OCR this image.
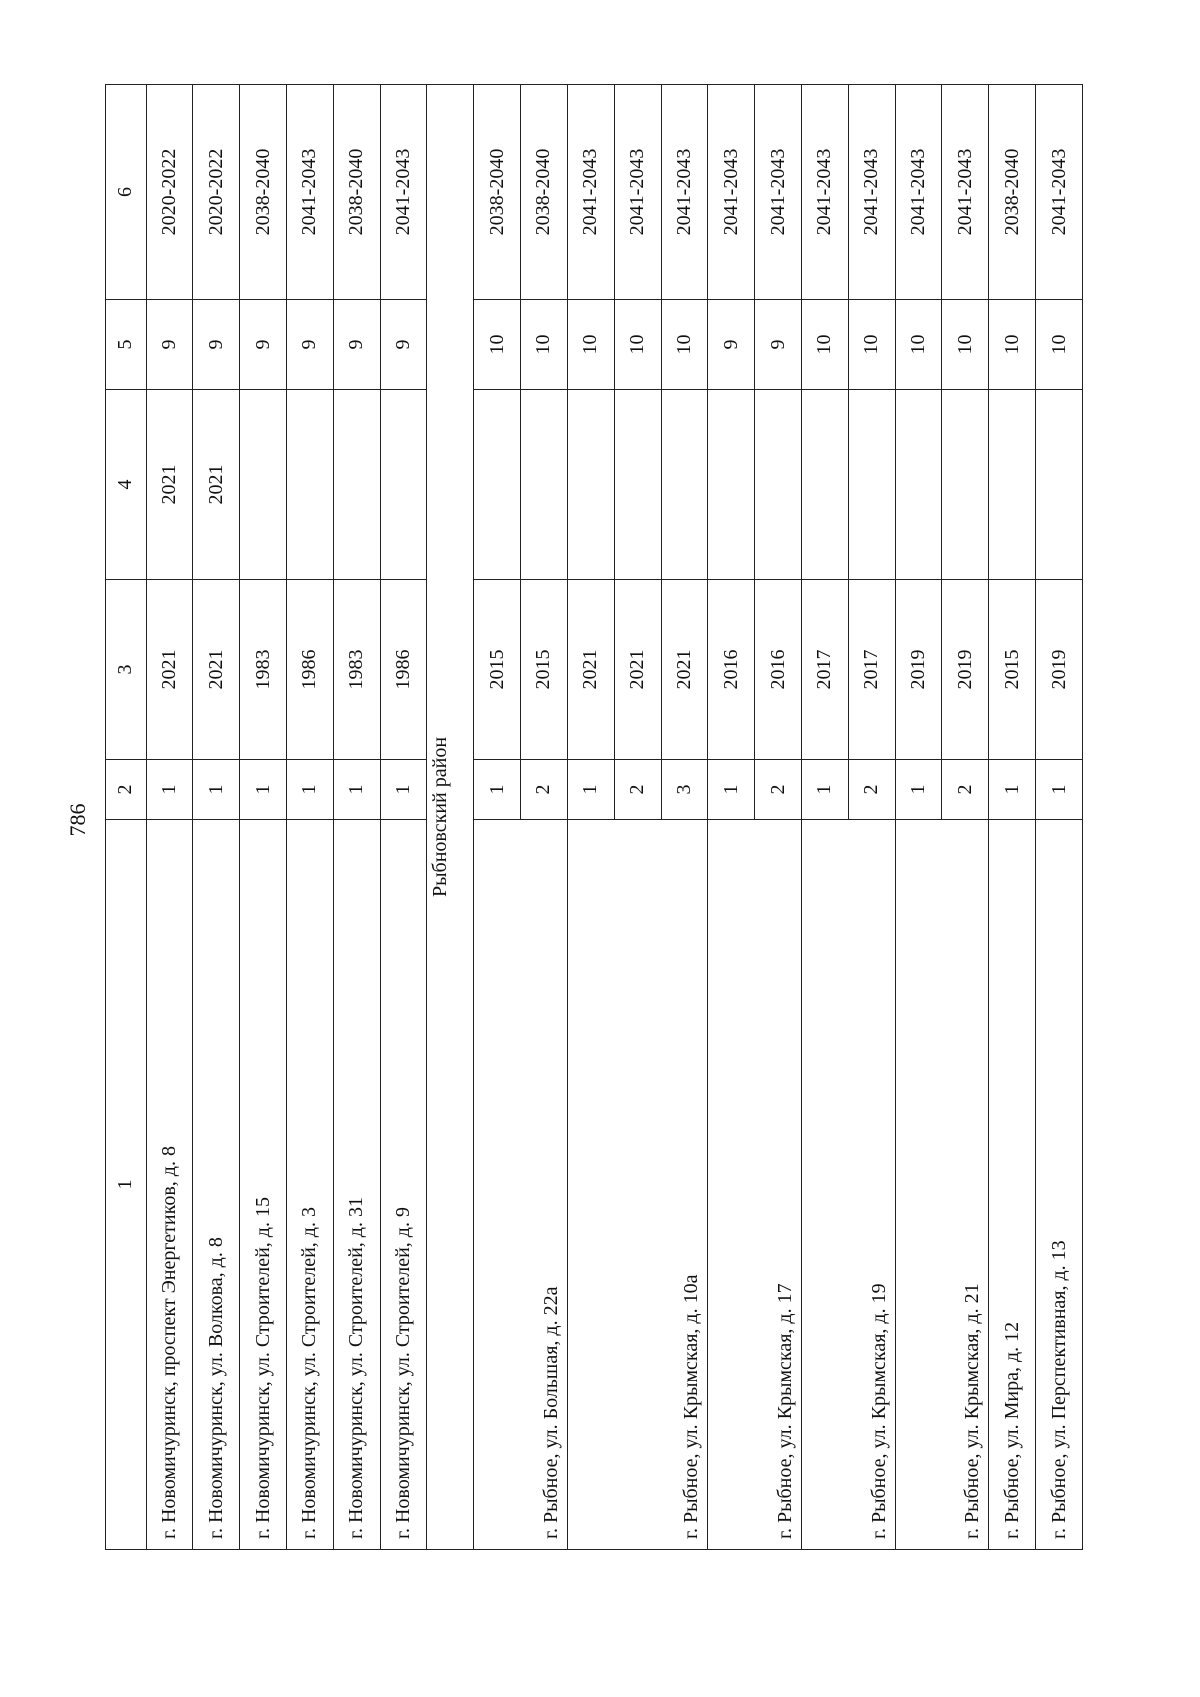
786
1	2	3	4	5	6
г. Новомичуринск, проспект Энергетиков, д. 8	1	2021	2021	9	2020-2022
г. Новомичуринск, ул. Волкова, д. 8	1	2021	2021	9	2020-2022
г. Новомичуринск, ул. Строителей, д. 15	1	1983		9	2038-2040
г. Новомичуринск, ул. Строителей, д. 3	1	1986		9	2041-2043
г. Новомичуринск, ул. Строителей, д. 31	1	1983		9	2038-2040
г. Новомичуринск, ул. Строителей, д. 9	1	1986		9	2041-2043
Рыбновский район					
г. Рыбное, ул. Большая, д. 22а	1	2015		10	2038-2040
	2	2015		10	2038-2040
г. Рыбное, ул. Крымская, д. 10а	1	2021		10	2041-2043
	2	2021		10	2041-2043
	3	2021		10	2041-2043
г. Рыбное, ул. Крымская, д. 17	1	2016		9	2041-2043
	2	2016		9	2041-2043
г. Рыбное, ул. Крымская, д. 19	1	2017		10	2041-2043
	2	2017		10	2041-2043
г. Рыбное, ул. Крымская, д. 21	1	2019		10	2041-2043
	2	2019		10	2041-2043
г. Рыбное, ул. Мира, д. 12	1	2015		10	2038-2040
г. Рыбное, ул. Перспективная, д. 13	1	2019		10	2041-2043
